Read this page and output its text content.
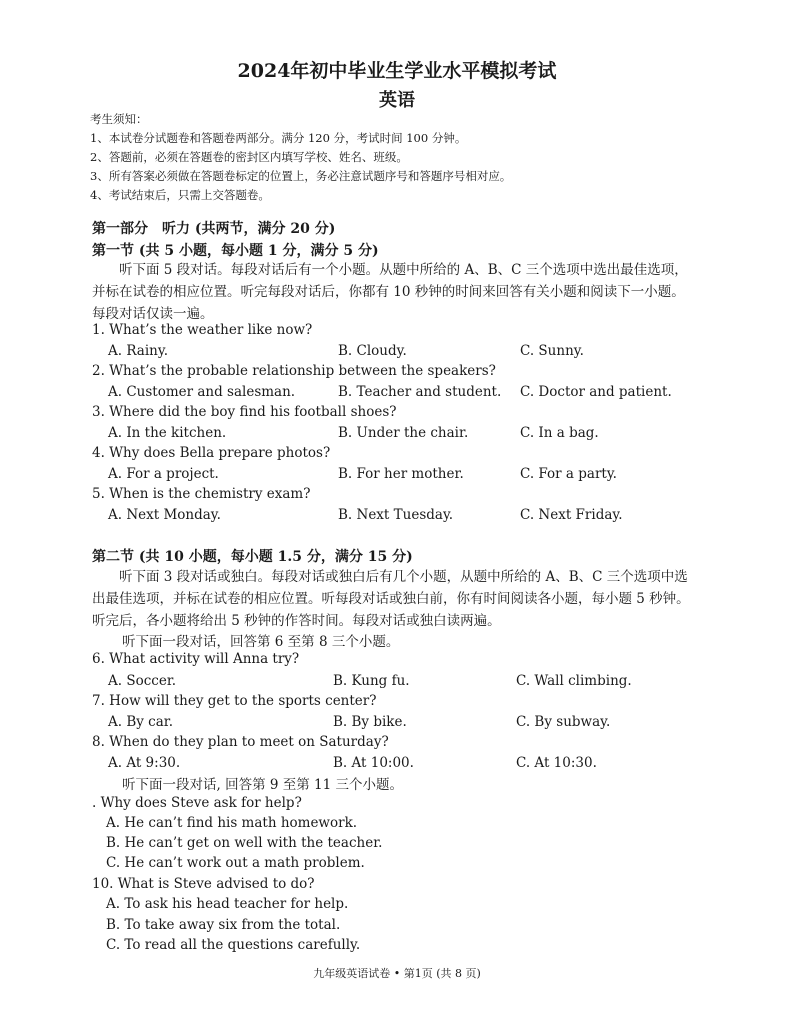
2024年初中毕业生学业水平模拟考试
英语
考生须知：
1、本试卷分试题卷和答题卷两部分。满分 120 分，考试时间 100 分钟。
2、答题前，必须在答题卷的密封区内填写学校、姓名、班级。
3、所有答案必须做在答题卷标定的位置上，务必注意试题序号和答题序号相对应。
4、考试结束后，只需上交答题卷。
第一部分　听力 (共两节，满分 20 分)
第一节 (共 5 小题，每小题 1 分，满分 5 分)
听下面 5 段对话。每段对话后有一个小题。从题中所给的 A、B、C 三个选项中选出最佳选项，并标在试卷的相应位置。听完每段对话后，你都有 10 秒钟的时间来回答有关小题和阅读下一小题。每段对话仅读一遍。
1. What’s the weather like now?
A. Rainy.	B. Cloudy.	C. Sunny.
2. What’s the probable relationship between the speakers?
A. Customer and salesman.	B. Teacher and student. C. Doctor and patient.
3. Where did the boy find his football shoes?
A. In the kitchen.	B. Under the chair.	C. In a bag.
4. Why does Bella prepare photos?
A. For a project.	B. For her mother.	C. For a party.
5. When is the chemistry exam?
A. Next Monday.	B. Next Tuesday.	C. Next Friday.
第二节 (共 10 小题，每小题 1.5 分，满分 15 分)
听下面 3 段对话或独白。每段对话或独白后有几个小题，从题中所给的 A、B、C 三个选项中选出最佳选项，并标在试卷的相应位置。听每段对话或独白前，你有时间阅读各小题，每小题 5 秒钟。听完后，各小题将给出 5 秒钟的作答时间。每段对话或独白读两遍。
听下面一段对话，回答第 6 至第 8 三个小题。
6. What activity will Anna try?
A. Soccer.	B. Kung fu.	C. Wall climbing.
7. How will they get to the sports center?
A. By car.	B. By bike.	C. By subway.
8. When do they plan to meet on Saturday?
A. At 9:30.	B. At 10:00.	C. At 10:30.
听下面一段对话, 回答第 9 至第 11 三个小题。
. Why does Steve ask for help?
A. He can’t find his math homework.
B. He can’t get on well with the teacher.
C. He can’t work out a math problem.
10. What is Steve advised to do?
A. To ask his head teacher for help.
B. To take away six from the total.
C. To read all the questions carefully.
九年级英语试卷 • 第1页 (共 8 页)
